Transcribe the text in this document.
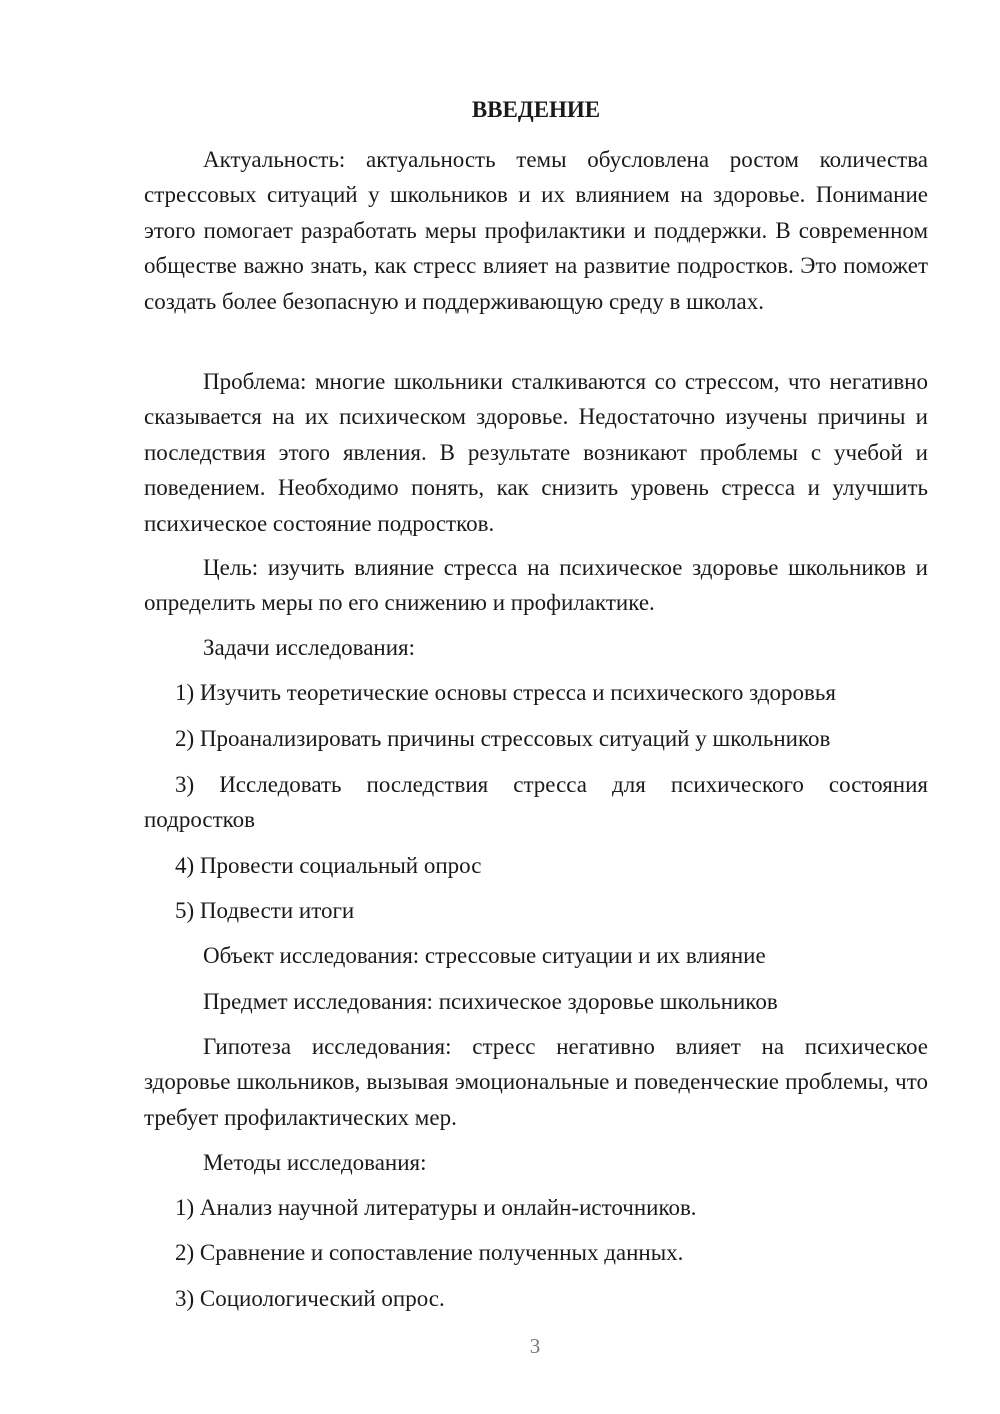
ВВЕДЕНИЕ

Актуальность: актуальность темы обусловлена ростом количества стрессовых ситуаций у школьников и их влиянием на здоровье. Понимание этого помогает разработать меры профилактики и поддержки. В современном обществе важно знать, как стресс влияет на развитие подростков. Это поможет создать более безопасную и поддерживающую среду в школах.

Проблема: многие школьники сталкиваются со стрессом, что негативно сказывается на их психическом здоровье. Недостаточно изучены причины и последствия этого явления. В результате возникают проблемы с учебой и поведением. Необходимо понять, как снизить уровень стресса и улучшить психическое состояние подростков.

Цель: изучить влияние стресса на психическое здоровье школьников и определить меры по его снижению и профилактике.

Задачи исследования:

1) Изучить теоретические основы стресса и психического здоровья

2) Проанализировать причины стрессовых ситуаций у школьников

3) Исследовать последствия стресса для психического состояния подростков

4) Провести социальный опрос

5) Подвести итоги

Объект исследования: стрессовые ситуации и их влияние

Предмет исследования: психическое здоровье школьников

Гипотеза исследования: стресс негативно влияет на психическое здоровье школьников, вызывая эмоциональные и поведенческие проблемы, что требует профилактических мер.

Методы исследования:

1) Анализ научной литературы и онлайн-источников.

2) Сравнение и сопоставление полученных данных.

3) Социологический опрос.

3
